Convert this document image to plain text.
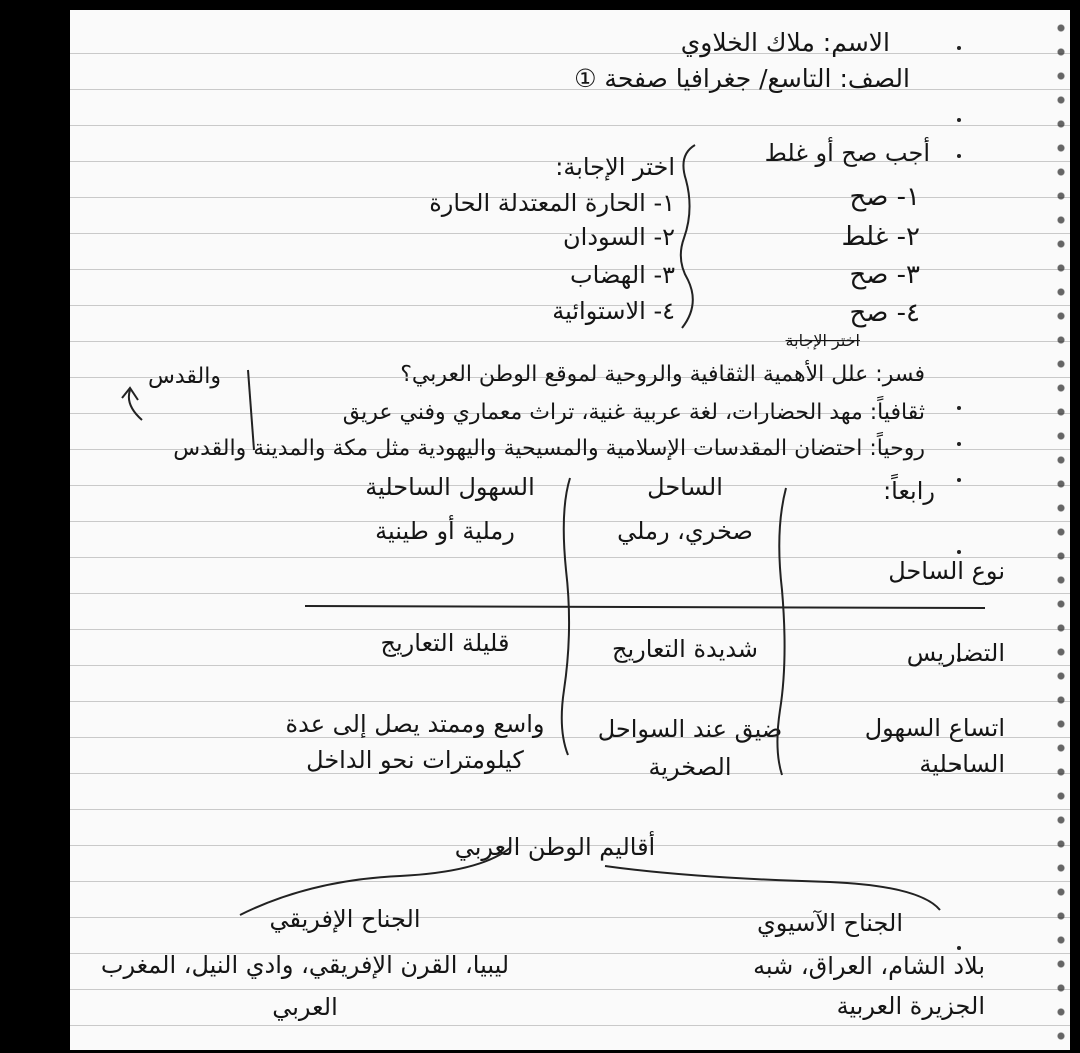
الاسم: ملاك الخلاوي
الصف: التاسع/ جغرافيا صفحة ①
أجب صح أو غلط
١- صح
٢- غلط
٣- صح
٤- صح
اختر الإجابة:
١- الحارة المعتدلة الحارة
٢- السودان
٣- الهضاب
٤- الاستوائية
اختر الإجابة
فسر: علل الأهمية الثقافية والروحية لموقع الوطن العربي؟
والقدس
ثقافياً: مهد الحضارات، لغة عربية غنية، تراث معماري وفني عريق
روحياً: احتضان المقدسات الإسلامية والمسيحية واليهودية مثل مكة والمدينة والقدس
رابعاً:
الساحل
السهول الساحلية
صخري، رملي
رملية أو طينية
نوع الساحل
التضاريس
شديدة التعاريج
قليلة التعاريج
اتساع السهول الساحلية
ضيق عند السواحل الصخرية
واسع وممتد يصل إلى عدة كيلومترات نحو الداخل
أقاليم الوطن العربي
الجناح الآسيوي
بلاد الشام، العراق، شبه الجزيرة العربية
الجناح الإفريقي
ليبيا، القرن الإفريقي، وادي النيل، المغرب العربي
